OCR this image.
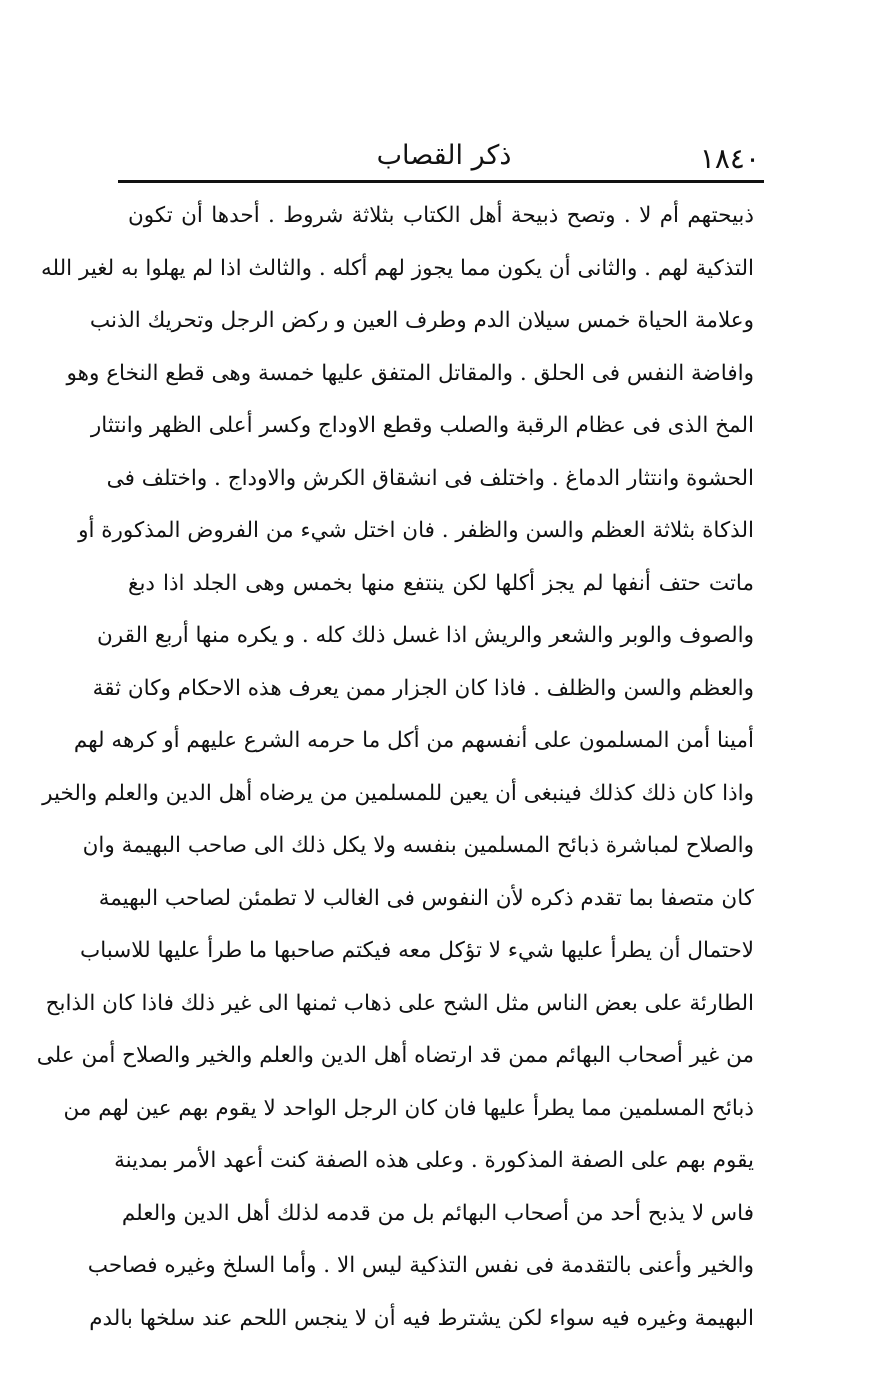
ذكر القصاب	١٨٤٠
ذبيحتهم أم لا . وتصح ذبيحة أهل الكتاب بثلاثة شروط . أحدها أن تكون
التذكية لهم . والثانى أن يكون مما يجوز لهم أكله . والثالث اذا لم يهلوا به لغير الله
وعلامة الحياة خمس سيلان الدم وطرف العين و ركض الرجل وتحريك الذنب
وافاضة النفس فى الحلق . والمقاتل المتفق عليها خمسة وهى قطع النخاع وهو
المخ الذى فى عظام الرقبة والصلب وقطع الاوداج وكسر أعلى الظهر وانتثار
الحشوة وانتثار الدماغ . واختلف فى انشقاق الكرش والاوداج . واختلف فى
الذكاة بثلاثة العظم والسن والظفر . فان اختل شيء من الفروض المذكورة أو
ماتت حتف أنفها لم يجز أكلها لكن ينتفع منها بخمس وهى الجلد اذا دبغ
والصوف والوبر والشعر والريش اذا غسل ذلك كله . و يكره منها أربع القرن
والعظم والسن والظلف . فاذا كان الجزار ممن يعرف هذه الاحكام وكان ثقة
أمينا أمن المسلمون على أنفسهم من أكل ما حرمه الشرع عليهم أو كرهه لهم
واذا كان ذلك كذلك فينبغى أن يعين للمسلمين من يرضاه أهل الدين والعلم والخير
والصلاح لمباشرة ذبائح المسلمين بنفسه ولا يكل ذلك الى صاحب البهيمة وان
كان متصفا بما تقدم ذكره لأن النفوس فى الغالب لا تطمئن لصاحب البهيمة
لاحتمال أن يطرأ عليها شيء لا تؤكل معه فيكتم صاحبها ما طرأ عليها للاسباب
الطارئة على بعض الناس مثل الشح على ذهاب ثمنها الى غير ذلك فاذا كان الذابح
من غير أصحاب البهائم ممن قد ارتضاه أهل الدين والعلم والخير والصلاح أمن على
ذبائح المسلمين مما يطرأ عليها فان كان الرجل الواحد لا يقوم بهم عين لهم من
يقوم بهم على الصفة المذكورة . وعلى هذه الصفة كنت أعهد الأمر بمدينة
فاس لا يذبح أحد من أصحاب البهائم بل من قدمه لذلك أهل الدين والعلم
والخير وأعنى بالتقدمة فى نفس التذكية ليس الا . وأما السلخ وغيره فصاحب
البهيمة وغيره فيه سواء لكن يشترط فيه أن لا ينجس اللحم عند سلخها بالدم
